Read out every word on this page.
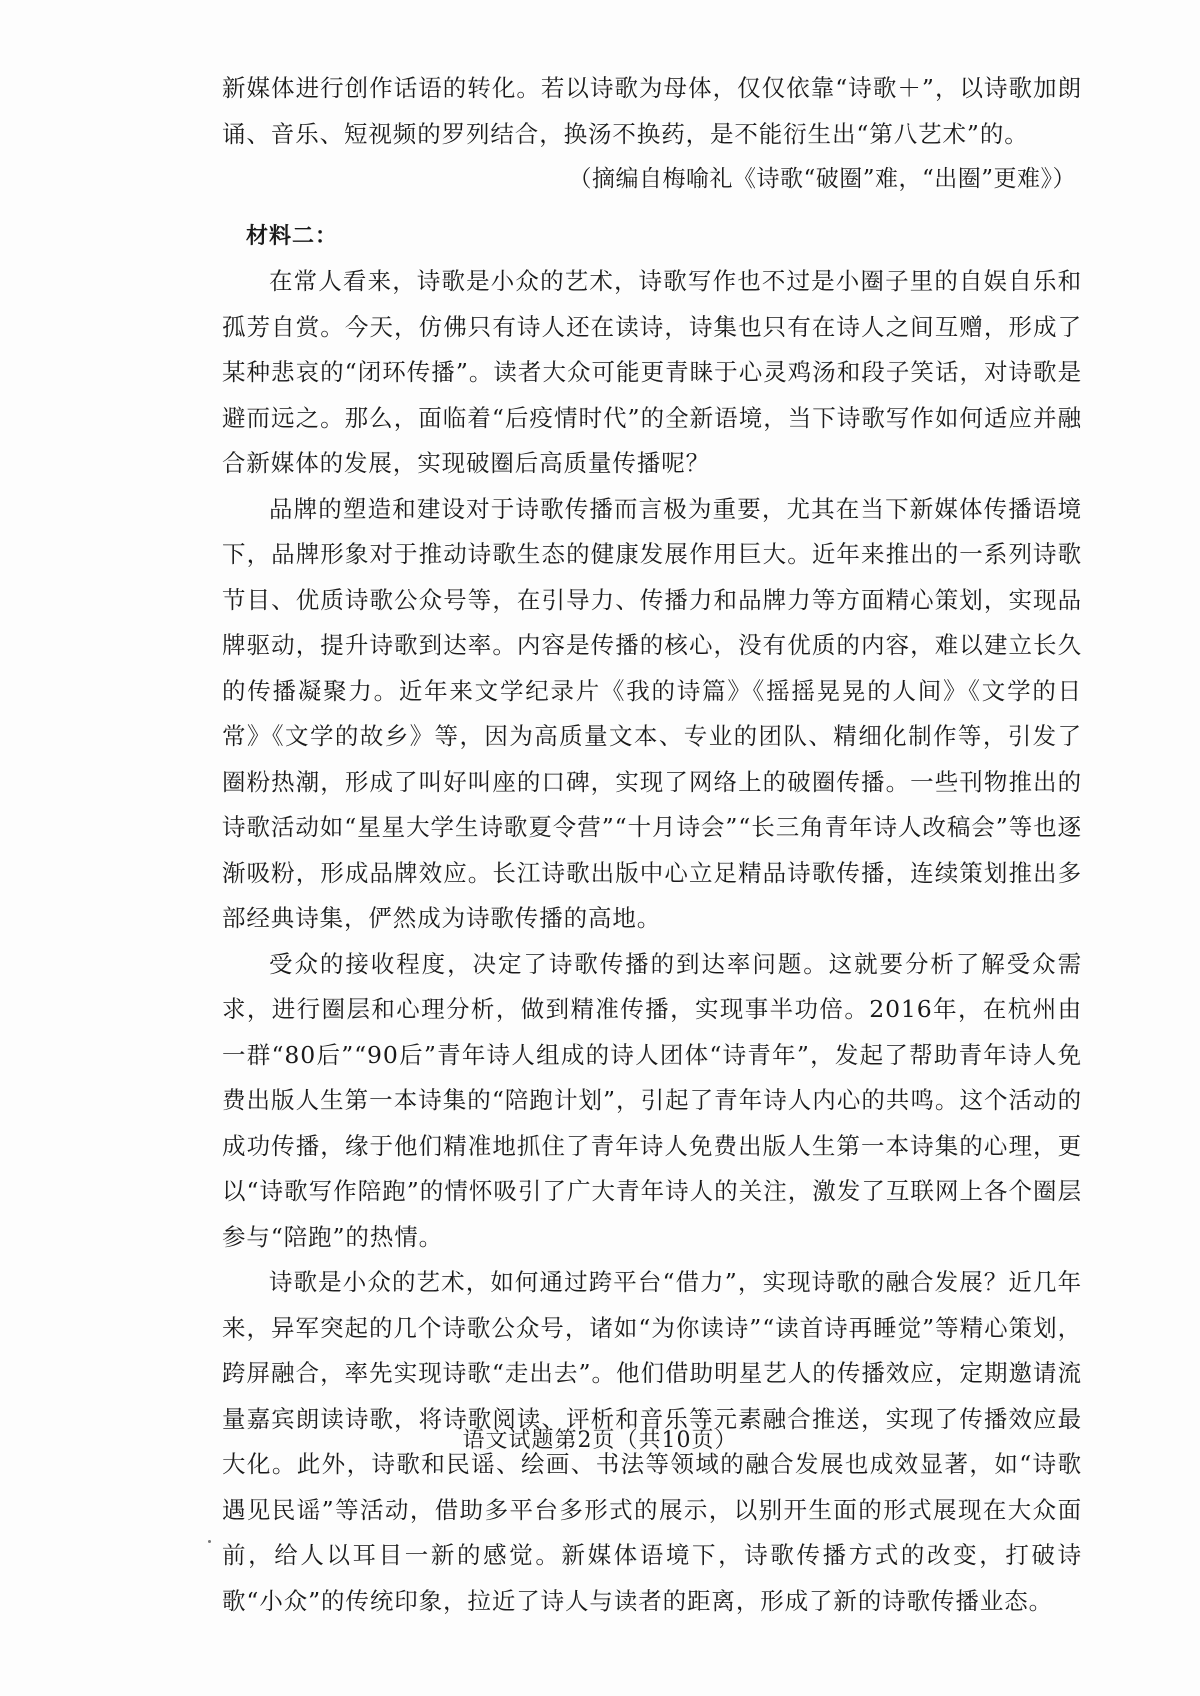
新媒体进行创作话语的转化。若以诗歌为母体，仅仅依靠“诗歌＋”，以诗歌加朗诵、音乐、短视频的罗列结合，换汤不换药，是不能衍生出“第八艺术”的。

（摘编自梅喻礼《诗歌“破圈”难，“出圈”更难》）

材料二：

在常人看来，诗歌是小众的艺术，诗歌写作也不过是小圈子里的自娱自乐和孤芳自赏。今天，仿佛只有诗人还在读诗，诗集也只有在诗人之间互赠，形成了某种悲哀的“闭环传播”。读者大众可能更青睐于心灵鸡汤和段子笑话，对诗歌是避而远之。那么，面临着“后疫情时代”的全新语境，当下诗歌写作如何适应并融合新媒体的发展，实现破圈后高质量传播呢？

品牌的塑造和建设对于诗歌传播而言极为重要，尤其在当下新媒体传播语境下，品牌形象对于推动诗歌生态的健康发展作用巨大。近年来推出的一系列诗歌节目、优质诗歌公众号等，在引导力、传播力和品牌力等方面精心策划，实现品牌驱动，提升诗歌到达率。内容是传播的核心，没有优质的内容，难以建立长久的传播凝聚力。近年来文学纪录片《我的诗篇》《摇摇晃晃的人间》《文学的日常》《文学的故乡》等，因为高质量文本、专业的团队、精细化制作等，引发了圈粉热潮，形成了叫好叫座的口碑，实现了网络上的破圈传播。一些刊物推出的诗歌活动如“星星大学生诗歌夏令营”“十月诗会”“长三角青年诗人改稿会”等也逐渐吸粉，形成品牌效应。长江诗歌出版中心立足精品诗歌传播，连续策划推出多部经典诗集，俨然成为诗歌传播的高地。

受众的接收程度，决定了诗歌传播的到达率问题。这就要分析了解受众需求，进行圈层和心理分析，做到精准传播，实现事半功倍。2016年，在杭州由一群“80后”“90后”青年诗人组成的诗人团体“诗青年”，发起了帮助青年诗人免费出版人生第一本诗集的“陪跑计划”，引起了青年诗人内心的共鸣。这个活动的成功传播，缘于他们精准地抓住了青年诗人免费出版人生第一本诗集的心理，更以“诗歌写作陪跑”的情怀吸引了广大青年诗人的关注，激发了互联网上各个圈层参与“陪跑”的热情。

诗歌是小众的艺术，如何通过跨平台“借力”，实现诗歌的融合发展？近几年来，异军突起的几个诗歌公众号，诸如“为你读诗”“读首诗再睡觉”等精心策划，跨屏融合，率先实现诗歌“走出去”。他们借助明星艺人的传播效应，定期邀请流量嘉宾朗读诗歌，将诗歌阅读、评析和音乐等元素融合推送，实现了传播效应最大化。此外，诗歌和民谣、绘画、书法等领域的融合发展也成效显著，如“诗歌遇见民谣”等活动，借助多平台多形式的展示，以别开生面的形式展现在大众面前，给人以耳目一新的感觉。新媒体语境下，诗歌传播方式的改变，打破诗歌“小众”的传统印象，拉近了诗人与读者的距离，形成了新的诗歌传播业态。

语文试题第2页（共10页）
